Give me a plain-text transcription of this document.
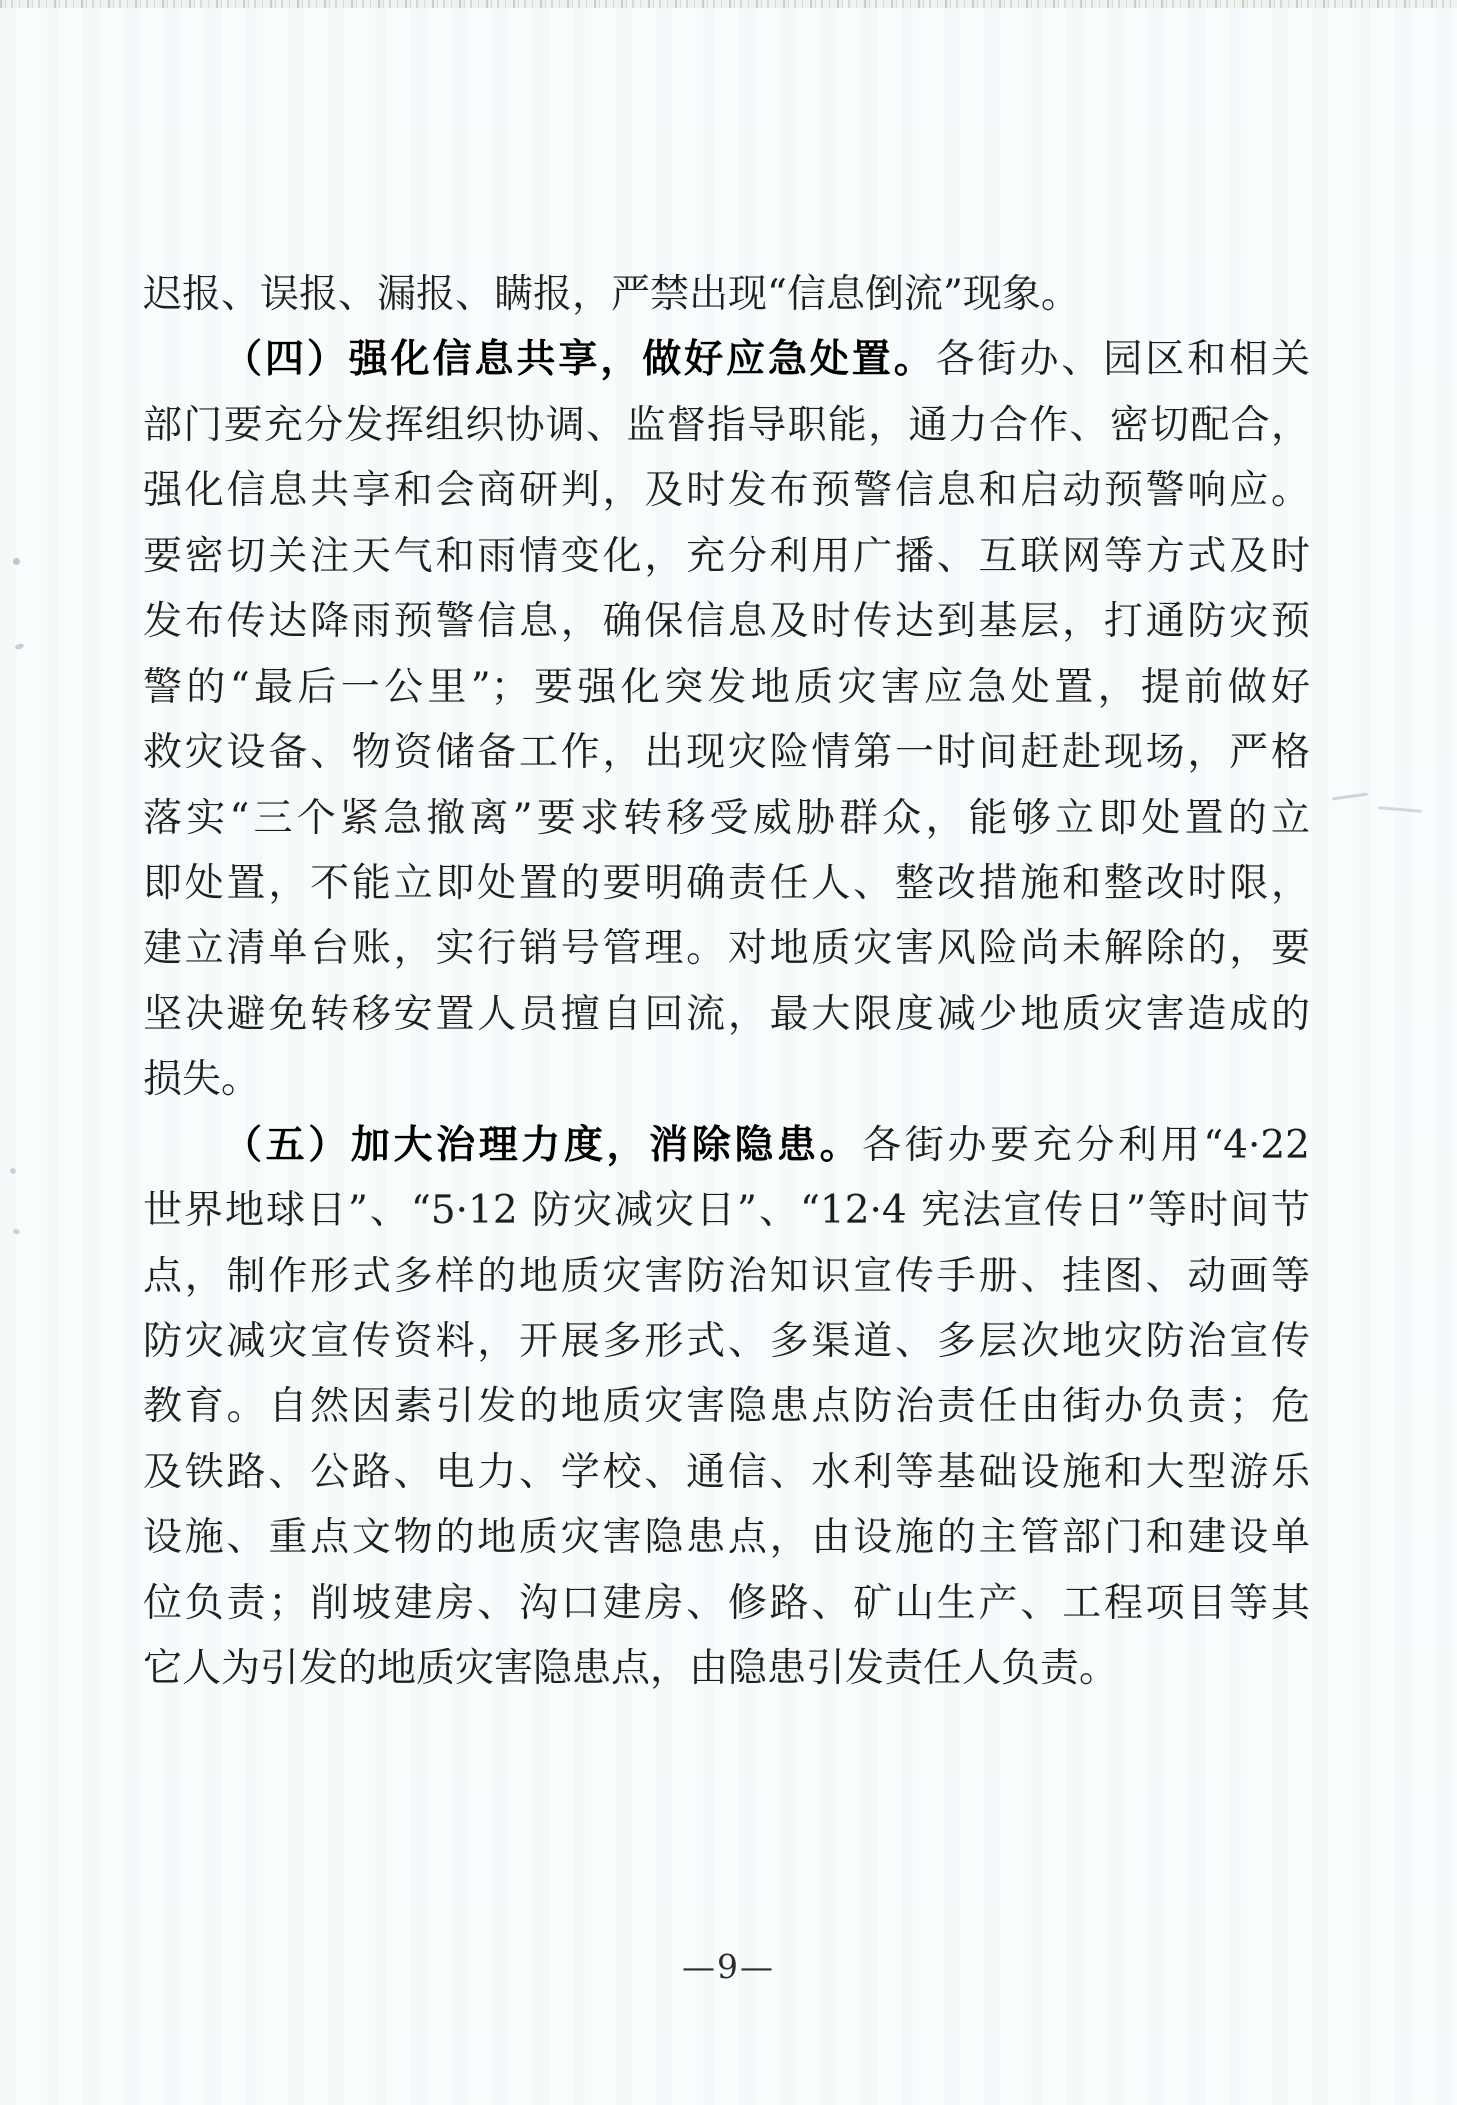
迟报、误报、漏报、瞒报，严禁出现“信息倒流”现象。

（四）强化信息共享，做好应急处置。各街办、园区和相关

部门要充分发挥组织协调、监督指导职能，通力合作、密切配合，

强化信息共享和会商研判，及时发布预警信息和启动预警响应。

要密切关注天气和雨情变化，充分利用广播、互联网等方式及时

发布传达降雨预警信息，确保信息及时传达到基层，打通防灾预

警的“最后一公里”；要强化突发地质灾害应急处置，提前做好

救灾设备、物资储备工作，出现灾险情第一时间赶赴现场，严格

落实“三个紧急撤离”要求转移受威胁群众，能够立即处置的立

即处置，不能立即处置的要明确责任人、整改措施和整改时限，

建立清单台账，实行销号管理。对地质灾害风险尚未解除的，要

坚决避免转移安置人员擅自回流，最大限度减少地质灾害造成的

损失。

（五）加大治理力度，消除隐患。各街办要充分利用“4·22

世界地球日”、“5·12 防灾减灾日”、“12·4 宪法宣传日”等时间节

点，制作形式多样的地质灾害防治知识宣传手册、挂图、动画等

防灾减灾宣传资料，开展多形式、多渠道、多层次地灾防治宣传

教育。自然因素引发的地质灾害隐患点防治责任由街办负责；危

及铁路、公路、电力、学校、通信、水利等基础设施和大型游乐

设施、重点文物的地质灾害隐患点，由设施的主管部门和建设单

位负责；削坡建房、沟口建房、修路、矿山生产、工程项目等其

它人为引发的地质灾害隐患点，由隐患引发责任人负责。

—9—
